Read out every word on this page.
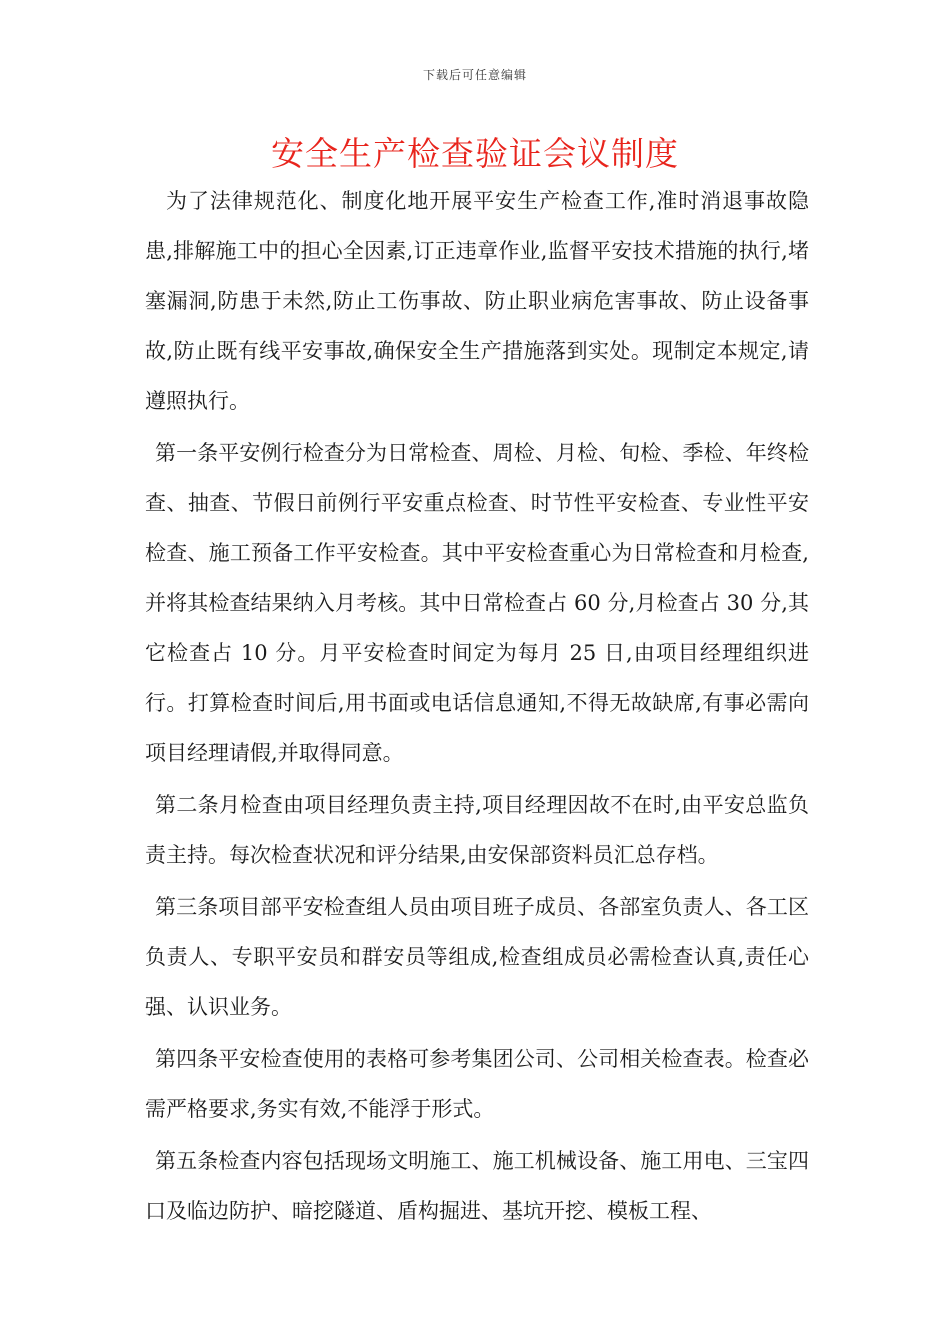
下载后可任意编辑
安全生产检查验证会议制度

为了法律规范化、制度化地开展平安生产检查工作,准时消退事故隐患,排解施工中的担心全因素,订正违章作业,监督平安技术措施的执行,堵塞漏洞,防患于未然,防止工伤事故、防止职业病危害事故、防止设备事故,防止既有线平安事故,确保安全生产措施落到实处。现制定本规定,请遵照执行。

第一条平安例行检查分为日常检查、周检、月检、旬检、季检、年终检查、抽查、节假日前例行平安重点检查、时节性平安检查、专业性平安检查、施工预备工作平安检查。其中平安检查重心为日常检查和月检查,并将其检查结果纳入月考核。其中日常检查占 60 分,月检查占 30 分,其它检查占 10 分。月平安检查时间定为每月 25 日,由项目经理组织进行。打算检查时间后,用书面或电话信息通知,不得无故缺席,有事必需向项目经理请假,并取得同意。

第二条月检查由项目经理负责主持,项目经理因故不在时,由平安总监负责主持。每次检查状况和评分结果,由安保部资料员汇总存档。

第三条项目部平安检查组人员由项目班子成员、各部室负责人、各工区负责人、专职平安员和群安员等组成,检查组成员必需检查认真,责任心强、认识业务。

第四条平安检查使用的表格可参考集团公司、公司相关检查表。检查必需严格要求,务实有效,不能浮于形式。

第五条检查内容包括现场文明施工、施工机械设备、施工用电、三宝四口及临边防护、暗挖隧道、盾构掘进、基坑开挖、模板工程、
